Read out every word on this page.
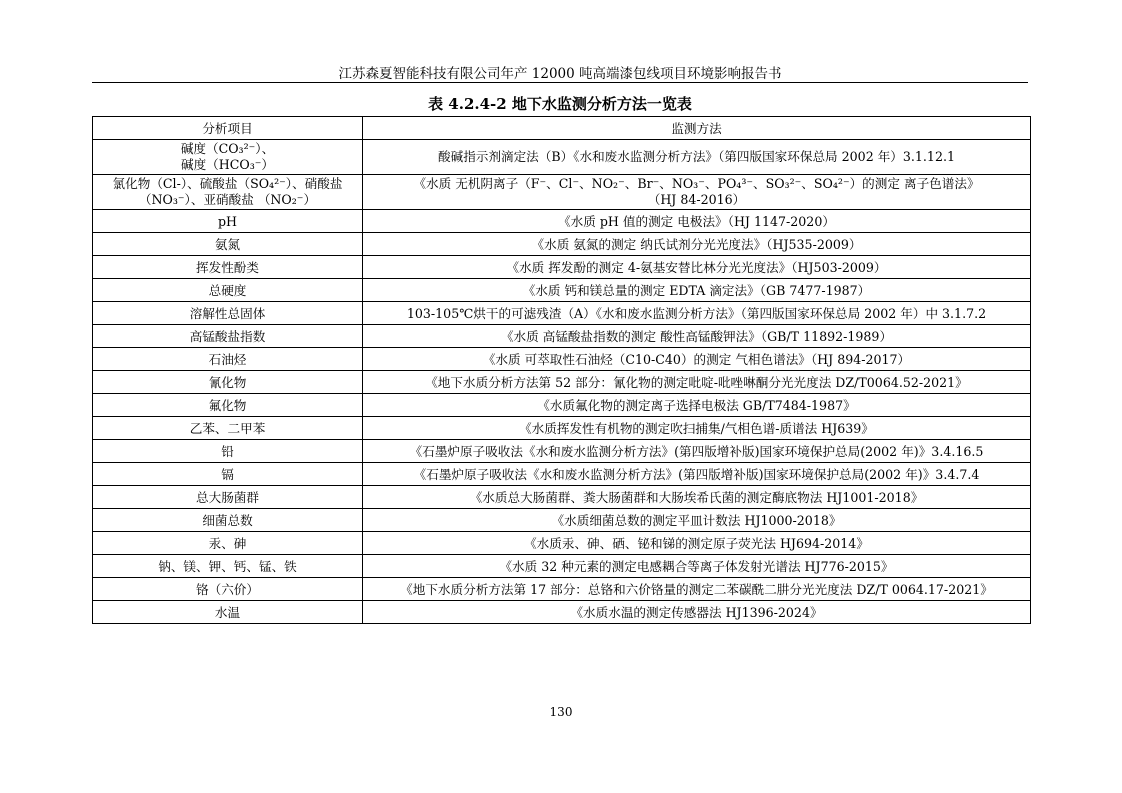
江苏森夏智能科技有限公司年产 12000 吨高端漆包线项目环境影响报告书
表 4.2.4-2 地下水监测分析方法一览表
分析项目	监测方法

碱度（CO₃²⁻）、
碱度（HCO₃⁻）	酸碱指示剂滴定法（B）《水和废水监测分析方法》（第四版国家环保总局 2002 年）3.1.12.1

氯化物（Cl-）、硫酸盐（SO₄²⁻）、硝酸盐
（NO₃⁻）、亚硝酸盐 （NO₂⁻）	《水质 无机阴离子（F⁻、Cl⁻、NO₂⁻、Br⁻、NO₃⁻、PO₄³⁻、SO₃²⁻、SO₄²⁻）的测定 离子色谱法》
（HJ 84-2016）

pH	《水质 pH 值的测定 电极法》（HJ 1147-2020）

氨氮	《水质 氨氮的测定 纳氏试剂分光光度法》（HJ535-2009）

挥发性酚类	《水质 挥发酚的测定 4-氨基安替比林分光光度法》（HJ503-2009）

总硬度	《水质 钙和镁总量的测定 EDTA 滴定法》（GB 7477-1987）

溶解性总固体	103-105℃烘干的可滤残渣（A）《水和废水监测分析方法》（第四版国家环保总局 2002 年）中 3.1.7.2

高锰酸盐指数	《水质 高锰酸盐指数的测定 酸性高锰酸钾法》（GB/T 11892-1989）

石油烃	《水质 可萃取性石油烃（C10-C40）的测定 气相色谱法》（HJ 894-2017）

氰化物	《地下水质分析方法第 52 部分：氰化物的测定吡啶-吡唑啉酮分光光度法 DZ/T0064.52-2021》

氟化物	《水质氟化物的测定离子选择电极法 GB/T7484-1987》

乙苯、二甲苯	《水质挥发性有机物的测定吹扫捕集/气相色谱-质谱法 HJ639》

铅	《石墨炉原子吸收法《水和废水监测分析方法》(第四版增补版)国家环境保护总局(2002 年)》3.4.16.5

镉	《石墨炉原子吸收法《水和废水监测分析方法》(第四版增补版)国家环境保护总局(2002 年)》3.4.7.4

总大肠菌群	《水质总大肠菌群、粪大肠菌群和大肠埃希氏菌的测定酶底物法 HJ1001-2018》

细菌总数	《水质细菌总数的测定平皿计数法 HJ1000-2018》

汞、砷	《水质汞、砷、硒、铋和锑的测定原子荧光法 HJ694-2014》

钠、镁、钾、钙、锰、铁	《水质 32 种元素的测定电感耦合等离子体发射光谱法 HJ776-2015》

铬（六价）	《地下水质分析方法第 17 部分：总铬和六价铬量的测定二苯碳酰二肼分光光度法 DZ/T 0064.17-2021》

水温	《水质水温的测定传感器法 HJ1396-2024》
130
